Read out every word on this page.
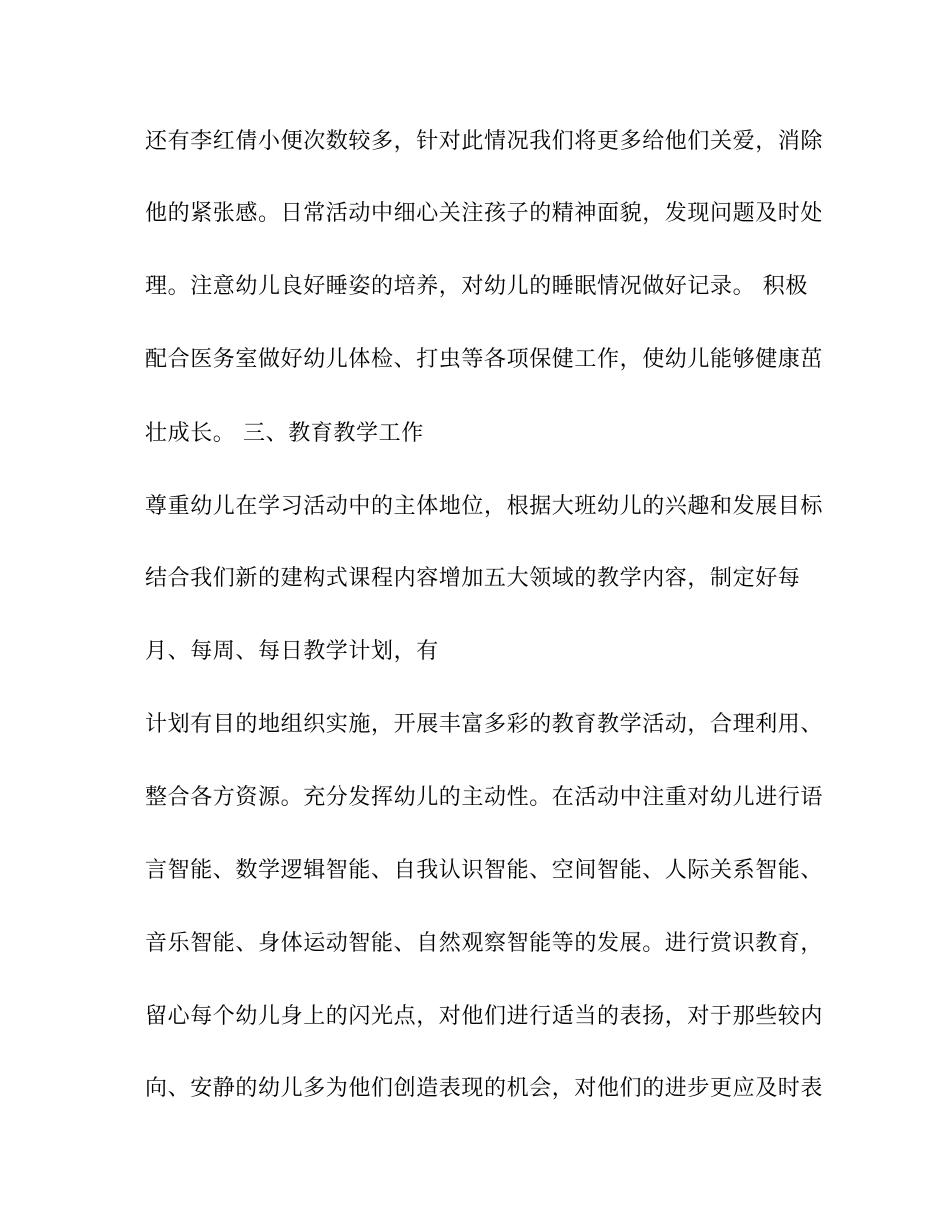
还有李红倩小便次数较多，针对此情况我们将更多给他们关爱，消除
他的紧张感。日常活动中细心关注孩子的精神面貌，发现问题及时处
理。注意幼儿良好睡姿的培养，对幼儿的睡眠情况做好记录。 积极
配合医务室做好幼儿体检、打虫等各项保健工作，使幼儿能够健康茁
壮成长。 三、教育教学工作
尊重幼儿在学习活动中的主体地位，根据大班幼儿的兴趣和发展目标
结合我们新的建构式课程内容增加五大领域的教学内容，制定好每
月、每周、每日教学计划，有
计划有目的地组织实施，开展丰富多彩的教育教学活动，合理利用、
整合各方资源。充分发挥幼儿的主动性。在活动中注重对幼儿进行语
言智能、数学逻辑智能、自我认识智能、空间智能、人际关系智能、
音乐智能、身体运动智能、自然观察智能等的发展。进行赏识教育，
留心每个幼儿身上的闪光点，对他们进行适当的表扬，对于那些较内
向、安静的幼儿多为他们创造表现的机会，对他们的进步更应及时表
